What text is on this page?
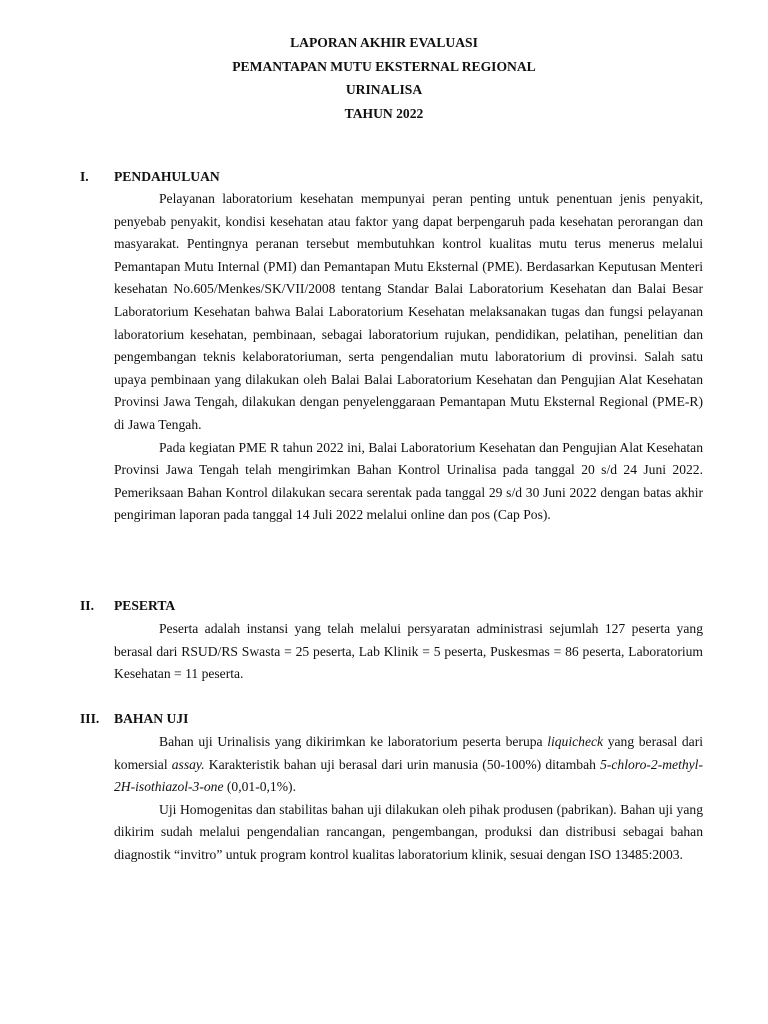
LAPORAN AKHIR EVALUASI
PEMANTAPAN MUTU EKSTERNAL REGIONAL
URINALISA
TAHUN 2022
I. PENDAHULUAN

Pelayanan laboratorium kesehatan mempunyai peran penting untuk penentuan jenis penyakit, penyebab penyakit, kondisi kesehatan atau faktor yang dapat berpengaruh pada kesehatan perorangan dan masyarakat. Pentingnya peranan tersebut membutuhkan kontrol kualitas mutu terus menerus melalui Pemantapan Mutu Internal (PMI) dan Pemantapan Mutu Eksternal (PME). Berdasarkan Keputusan Menteri kesehatan No.605/Menkes/SK/VII/2008 tentang Standar Balai Laboratorium Kesehatan dan Balai Besar Laboratorium Kesehatan bahwa Balai Laboratorium Kesehatan melaksanakan tugas dan fungsi pelayanan laboratorium kesehatan, pembinaan, sebagai laboratorium rujukan, pendidikan, pelatihan, penelitian dan pengembangan teknis kelaboratoriuman, serta pengendalian mutu laboratorium di provinsi. Salah satu upaya pembinaan yang dilakukan oleh Balai Balai Laboratorium Kesehatan dan Pengujian Alat Kesehatan Provinsi Jawa Tengah, dilakukan dengan penyelenggaraan Pemantapan Mutu Eksternal Regional (PME-R) di Jawa Tengah.

Pada kegiatan PME R tahun 2022 ini, Balai Laboratorium Kesehatan dan Pengujian Alat Kesehatan Provinsi Jawa Tengah telah mengirimkan Bahan Kontrol Urinalisa pada tanggal 20 s/d 24 Juni 2022. Pemeriksaan Bahan Kontrol dilakukan secara serentak pada tanggal 29 s/d 30 Juni 2022 dengan batas akhir pengiriman laporan pada tanggal 14 Juli 2022 melalui online dan pos (Cap Pos).

II. PESERTA

Peserta adalah instansi yang telah melalui persyaratan administrasi sejumlah 127 peserta yang berasal dari RSUD/RS Swasta = 25 peserta, Lab Klinik = 5 peserta, Puskesmas = 86 peserta, Laboratorium Kesehatan = 11 peserta.

III. BAHAN UJI

Bahan uji Urinalisis yang dikirimkan ke laboratorium peserta berupa liquicheck yang berasal dari komersial assay. Karakteristik bahan uji berasal dari urin manusia (50-100%) ditambah 5-chloro-2-methyl-2H-isothiazol-3-one (0,01-0,1%).

Uji Homogenitas dan stabilitas bahan uji dilakukan oleh pihak produsen (pabrikan). Bahan uji yang dikirim sudah melalui pengendalian rancangan, pengembangan, produksi dan distribusi sebagai bahan diagnostik “invitro” untuk program kontrol kualitas laboratorium klinik, sesuai dengan ISO 13485:2003.
